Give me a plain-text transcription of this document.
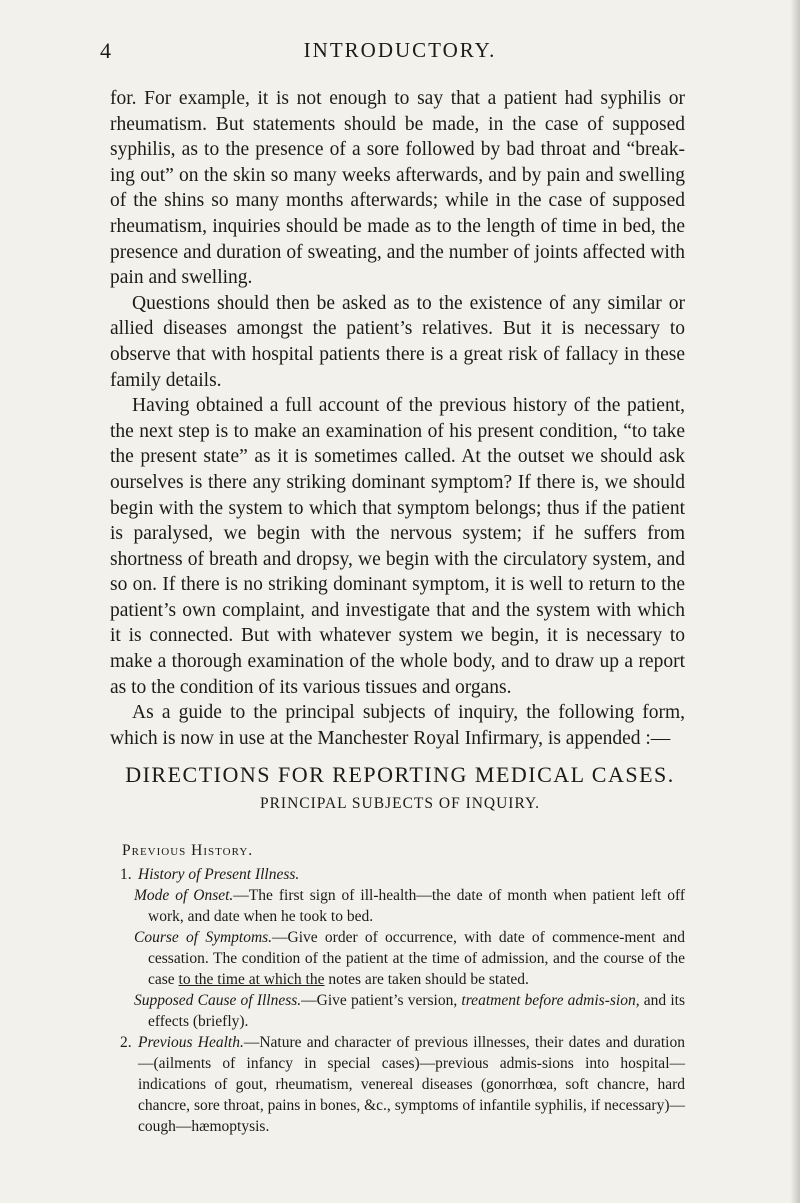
4	INTRODUCTORY.

for. For example, it is not enough to say that a patient had syphilis or rheumatism. But statements should be made, in the case of supposed syphilis, as to the presence of a sore followed by bad throat and “break-ing out” on the skin so many weeks afterwards, and by pain and swelling of the shins so many months afterwards; while in the case of supposed rheumatism, inquiries should be made as to the length of time in bed, the presence and duration of sweating, and the number of joints affected with pain and swelling.

Questions should then be asked as to the existence of any similar or allied diseases amongst the patient’s relatives. But it is necessary to observe that with hospital patients there is a great risk of fallacy in these family details.

Having obtained a full account of the previous history of the patient, the next step is to make an examination of his present condition, “to take the present state” as it is sometimes called. At the outset we should ask ourselves is there any striking dominant symptom? If there is, we should begin with the system to which that symptom belongs; thus if the patient is paralysed, we begin with the nervous system; if he suffers from shortness of breath and dropsy, we begin with the circulatory system, and so on. If there is no striking dominant symptom, it is well to return to the patient’s own complaint, and investigate that and the system with which it is connected. But with whatever system we begin, it is necessary to make a thorough examination of the whole body, and to draw up a report as to the condition of its various tissues and organs.

As a guide to the principal subjects of inquiry, the following form, which is now in use at the Manchester Royal Infirmary, is appended :—

DIRECTIONS FOR REPORTING MEDICAL CASES.
PRINCIPAL SUBJECTS OF INQUIRY.
Previous History.

1. History of Present Illness.

Mode of Onset.—The first sign of ill-health—the date of month when patient left off work, and date when he took to bed.

Course of Symptoms.—Give order of occurrence, with date of commence-ment and cessation. The condition of the patient at the time of admission, and the course of the case to the time at which the notes are taken should be stated.

Supposed Cause of Illness.—Give patient’s version, treatment before admis-sion, and its effects (briefly).

2. Previous Health.—Nature and character of previous illnesses, their dates and duration—(ailments of infancy in special cases)—previous admis-sions into hospital—indications of gout, rheumatism, venereal diseases (gonorrhœa, soft chancre, hard chancre, sore throat, pains in bones, &c., symptoms of infantile syphilis, if necessary)—cough—hæmoptysis.
